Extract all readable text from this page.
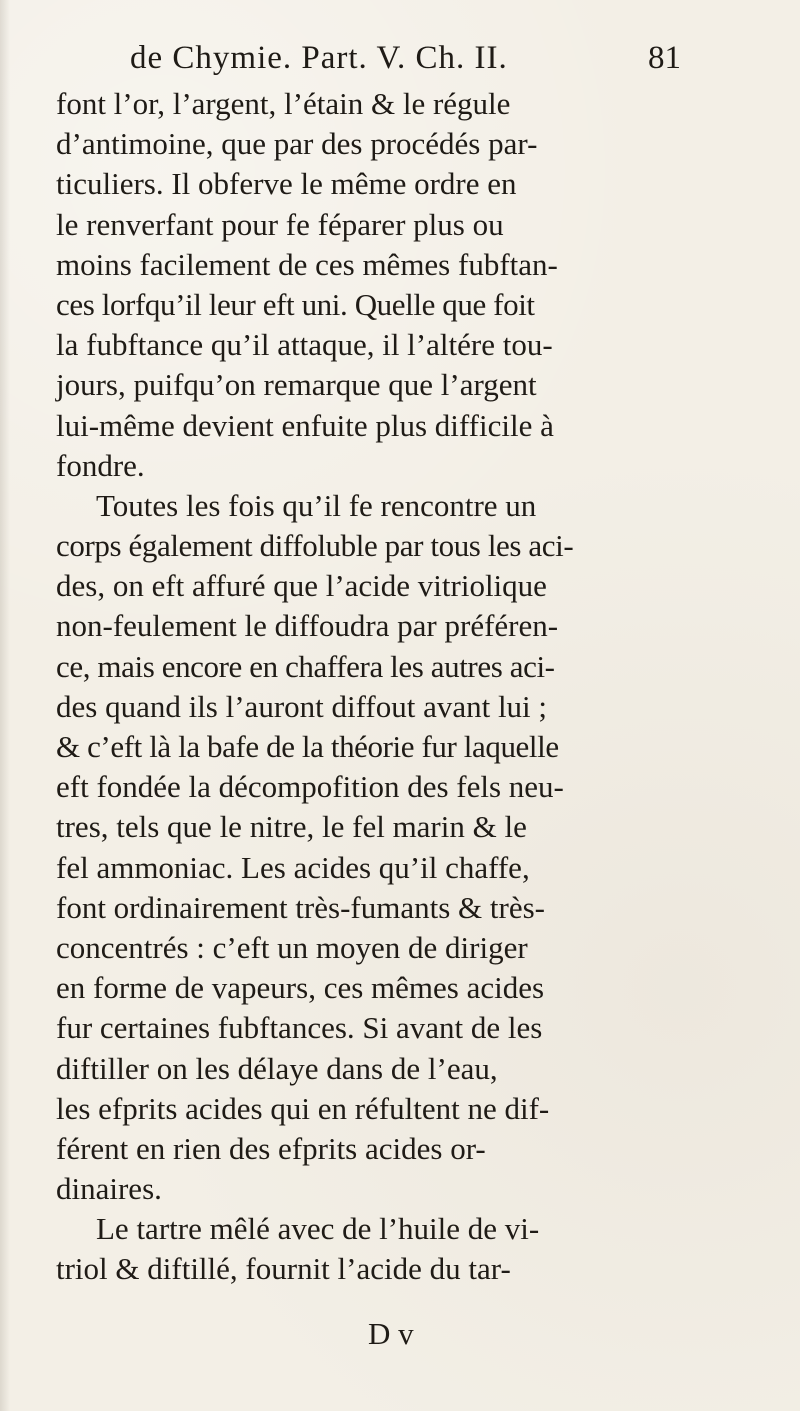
de Chymie. Part. V. Ch. II.	81
font l’or, l’argent, l’étain & le régule
d’antimoine, que par des procédés par-
ticuliers. Il obferve le même ordre en
le renverfant pour fe féparer plus ou
moins facilement de ces mêmes fubftan-
ces lorfqu’il leur eft uni. Quelle que foit
la fubftance qu’il attaque, il l’altére tou-
jours, puifqu’on remarque que l’argent
lui-même devient enfuite plus difficile à
fondre.
Toutes les fois qu’il fe rencontre un
corps également diffoluble par tous les aci-
des, on eft affuré que l’acide vitriolique
non-feulement le diffoudra par préféren-
ce, mais encore en chaffera les autres aci-
des quand ils l’auront diffout avant lui ;
& c’eft là la bafe de la théorie fur laquelle
eft fondée la décompofition des fels neu-
tres, tels que le nitre, le fel marin & le
fel ammoniac. Les acides qu’il chaffe,
font ordinairement très-fumants & très-
concentrés : c’eft un moyen de diriger
en forme de vapeurs, ces mêmes acides
fur certaines fubftances. Si avant de les
diftiller on les délaye dans de l’eau,
les efprits acides qui en réfultent ne dif-
férent en rien des efprits acides or-
dinaires.
Le tartre mêlé avec de l’huile de vi-
triol & diftillé, fournit l’acide du tar-
D v
